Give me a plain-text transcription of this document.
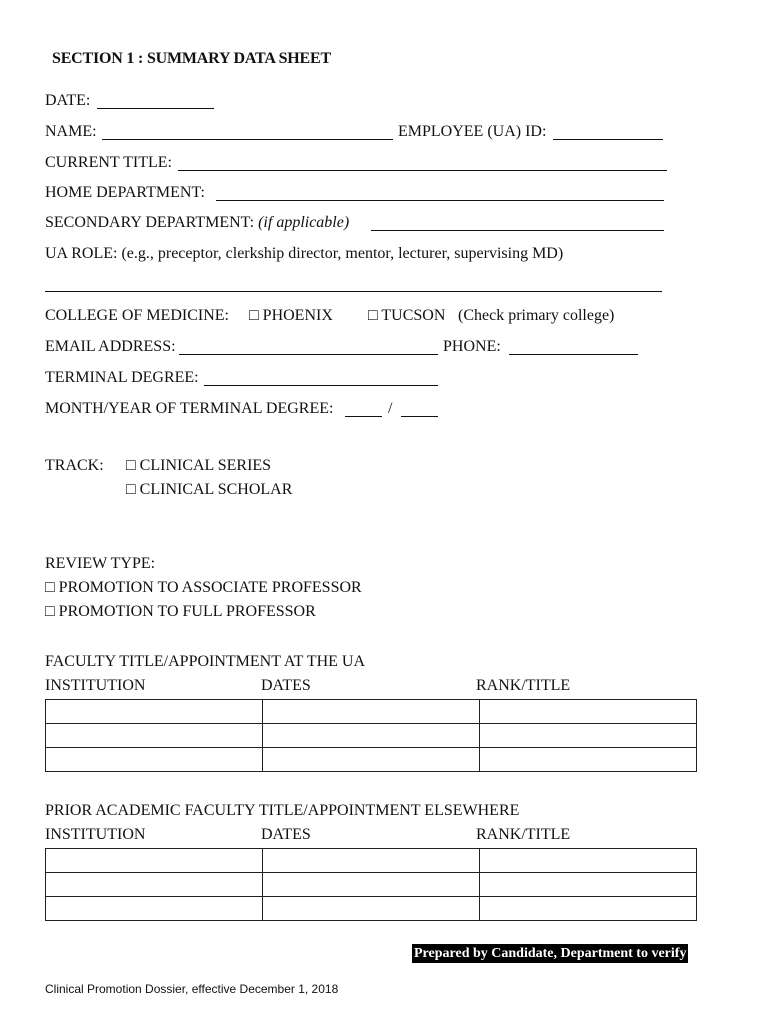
SECTION 1 : SUMMARY DATA SHEET
DATE:
NAME:	EMPLOYEE (UA) ID:
CURRENT TITLE:
HOME DEPARTMENT:
SECONDARY DEPARTMENT: (if applicable)
UA ROLE: (e.g., preceptor, clerkship director, mentor, lecturer, supervising MD)
COLLEGE OF MEDICINE: □ PHOENIX □ TUCSON (Check primary college)
EMAIL ADDRESS:	PHONE:
TERMINAL DEGREE:
MONTH/YEAR OF TERMINAL DEGREE:	/
TRACK: □ CLINICAL SERIES
□ CLINICAL SCHOLAR
REVIEW TYPE:
□ PROMOTION TO ASSOCIATE PROFESSOR
□ PROMOTION TO FULL PROFESSOR
FACULTY TITLE/APPOINTMENT AT THE UA
INSTITUTION	DATES	RANK/TITLE

PRIOR ACADEMIC FACULTY TITLE/APPOINTMENT ELSEWHERE
INSTITUTION	DATES	RANK/TITLE

Prepared by Candidate, Department to verify
Clinical Promotion Dossier, effective December 1, 2018
